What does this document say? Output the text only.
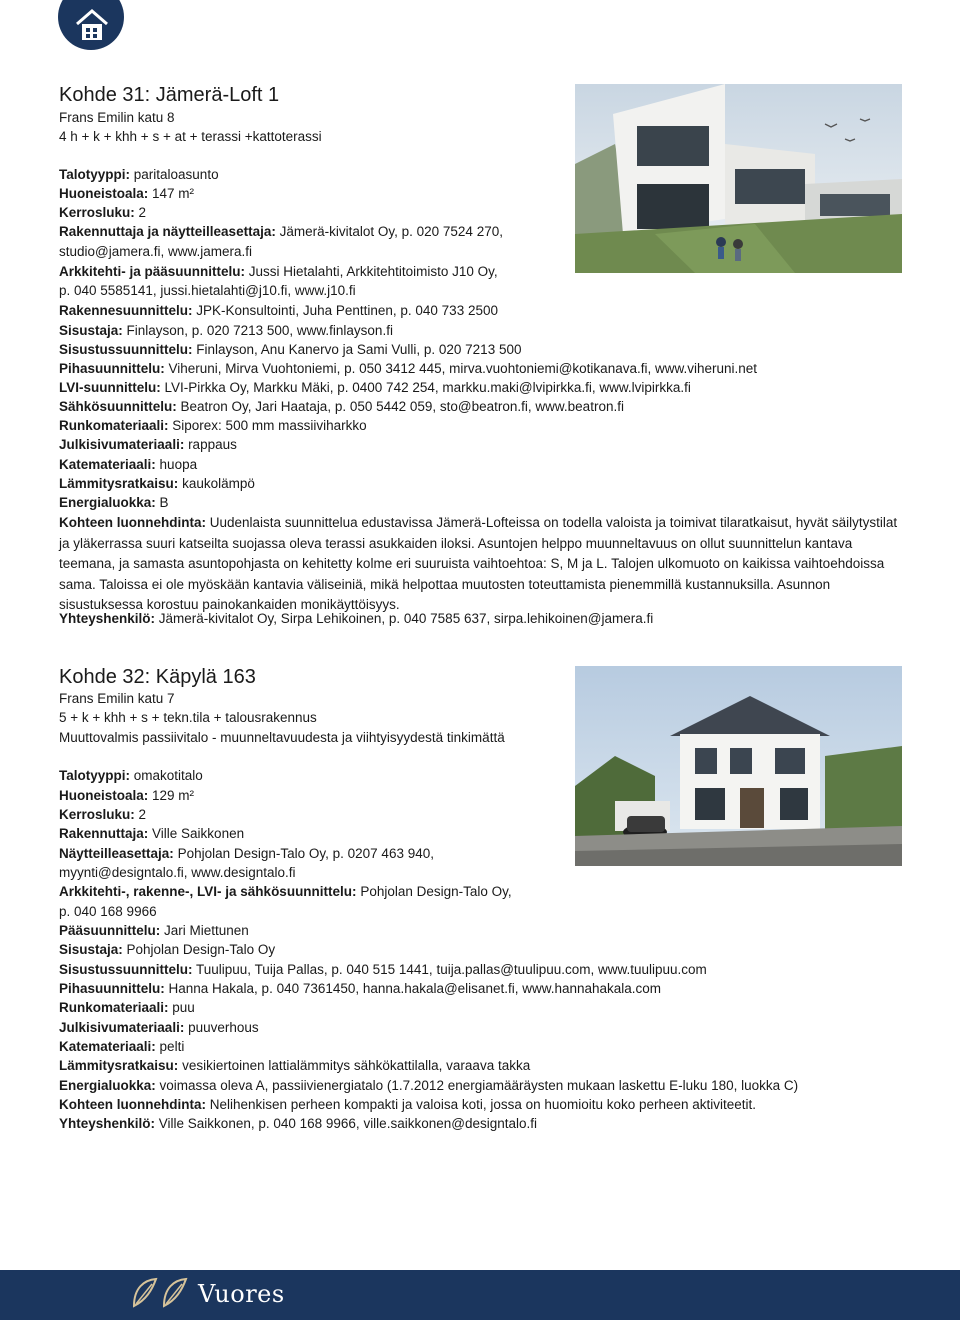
ASUNTOMESSUT TAMPEREELLA
13.7.–12.8.2012
Kohde 31: Jämerä-Loft 1
Frans Emilin katu 8
4 h + k + khh + s + at + terassi +kattoterassi
Talotyyppi: paritaloasunto
Huoneistoala: 147 m²
Kerrosluku: 2
Rakennuttaja ja näytteilleasettaja: Jämerä-kivitalot Oy, p. 020 7524 270,
studio@jamera.fi, www.jamera.fi
Arkkitehti- ja pääsuunnittelu: Jussi Hietalahti, Arkkitehtitoimisto J10 Oy,
p. 040 5585141, jussi.hietalahti@j10.fi, www.j10.fi
Rakennesuunnittelu: JPK-Konsultointi, Juha Penttinen, p. 040 733 2500
Sisustaja: Finlayson, p. 020 7213 500, www.finlayson.fi
Sisustussuunnittelu: Finlayson, Anu Kanervo ja Sami Vulli, p. 020 7213 500
Pihasuunnittelu: Viheruni, Mirva Vuohtoniemi, p. 050 3412 445, mirva.vuohtoniemi@kotikanava.fi, www.viheruni.net
LVI-suunnittelu: LVI-Pirkka Oy, Markku Mäki, p. 0400 742 254, markku.maki@lvipirkka.fi, www.lvipirkka.fi
Sähkösuunnittelu: Beatron Oy, Jari Haataja, p. 050 5442 059, sto@beatron.fi, www.beatron.fi
Runkomateriaali: Siporex: 500 mm massiiviharkko
Julkisivumateriaali: rappaus
Katemateriaali: huopa
Lämmitysratkaisu: kaukolämpö
Energialuokka: B
Kohteen luonnehdinta: Uudenlaista suunnittelua edustavissa Jämerä-Lofteissa on todella valoista ja toimivat tilaratkaisut, hyvät säilytystilat ja yläkerrassa suuri katseilta suojassa oleva terassi asukkaiden iloksi. Asuntojen helppo muunneltavuus on ollut suunnittelun kantava teemana, ja samasta asuntopohjasta on kehitetty kolme eri suuruista vaihtoehtoa: S, M ja L. Talojen ulkomuoto on kaikissa vaihtoehdoissa sama. Taloissa ei ole myöskään kantavia väliseiniä, mikä helpottaa muutosten toteuttamista pienemmillä kustannuksilla. Asunnon sisustuksessa korostuu painokankaiden monikäyttöisyys.
Yhteyshenkilö: Jämerä-kivitalot Oy, Sirpa Lehikoinen, p. 040 7585 637, sirpa.lehikoinen@jamera.fi
Kohde 32: Käpylä 163
Frans Emilin katu 7
5 + k + khh + s + tekn.tila + talousrakennus
Muuttovalmis passiivitalo - muunneltavuudesta ja viihtyisyydestä tinkimättä
Talotyyppi: omakotitalo
Huoneistoala: 129 m²
Kerrosluku: 2
Rakennuttaja: Ville Saikkonen
Näytteilleasettaja: Pohjolan Design-Talo Oy, p. 0207 463 940,
myynti@designtalo.fi, www.designtalo.fi
Arkkitehti-, rakenne-, LVI- ja sähkösuunnittelu: Pohjolan Design-Talo Oy,
p. 040 168 9966
Pääsuunnittelu: Jari Miettunen
Sisustaja: Pohjolan Design-Talo Oy
Sisustussuunnittelu: Tuulipuu, Tuija Pallas, p. 040 515 1441, tuija.pallas@tuulipuu.com, www.tuulipuu.com
Pihasuunnittelu: Hanna Hakala, p. 040 7361450, hanna.hakala@elisanet.fi, www.hannahakala.com
Runkomateriaali: puu
Julkisivumateriaali: puuverhous
Katemateriaali: pelti
Lämmitysratkaisu: vesikiertoinen lattialämmitys sähkökattilalla, varaava takka
Energialuokka: voimassa oleva A, passiivienergiatalo (1.7.2012 energiamääräysten mukaan laskettu E-luku 180, luokka C)
Kohteen luonnehdinta: Nelihenkisen perheen kompakti ja valoisa koti, jossa on huomioitu koko perheen aktiviteetit.
Yhteyshenkilö: Ville Saikkonen, p. 040 168 9966, ville.saikkonen@designtalo.fi
Vuores
